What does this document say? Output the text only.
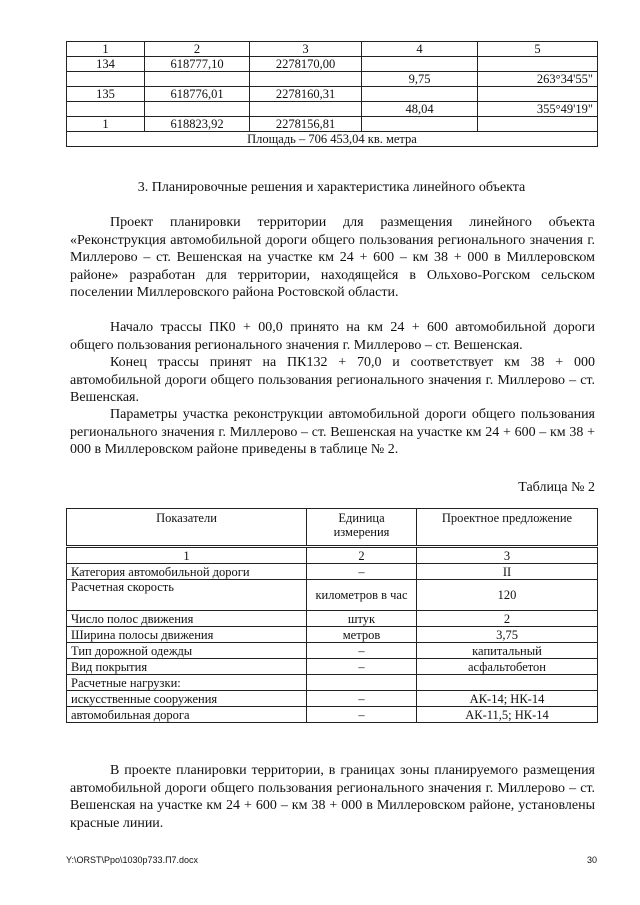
1	2	3	4	5
134	618777,10	2278170,00		
			9,75	263°34'55"
135	618776,01	2278160,31		
			48,04	355°49'19"
1	618823,92	2278156,81		
Площадь – 706 453,04 кв. метра				
3. Планировочные решения и характеристика линейного объекта

Проект планировки территории для размещения линейного объекта «Реконструкция автомобильной дороги общего пользования регионального значения г. Миллерово – ст. Вешенская на участке км 24 + 600 – км 38 + 000 в Миллеровском районе» разработан для территории, находящейся в Ольховo-Рогском сельском поселении Миллеровского района Ростовской области.

Начало трассы ПК0 + 00,0 принято на км 24 + 600 автомобильной дороги общего пользования регионального значения г. Миллерово – ст. Вешенская.

Конец трассы принят на ПК132 + 70,0 и соответствует км 38 + 000 автомобильной дороги общего пользования регионального значения г. Миллерово – ст. Вешенская.

Параметры участка реконструкции автомобильной дороги общего пользования регионального значения г. Миллерово – ст. Вешенская на участке км 24 + 600 – км 38 + 000 в Миллеровском районе приведены в таблице № 2.

Таблица № 2

Показатели	Единица измерения	Проектное предложение
1	2	3
Категория автомобильной дороги	–	II
Расчетная скорость	километров в час	120
Число полос движения	штук	2
Ширина полосы движения	метров	3,75
Тип дорожной одежды	–	капитальный
Вид покрытия	–	асфальтобетон
Расчетные нагрузки:		
искусственные сооружения	–	АК-14; НК-14
автомобильная дорога	–	АК-11,5; НК-14

В проекте планировки территории, в границах зоны планируемого размещения автомобильной дороги общего пользования регионального значения г. Миллерово – ст. Вешенская на участке км 24 + 600 – км 38 + 000 в Миллеровском районе, установлены красные линии.

Y:\ORST\Ppo\1030p733.П7.docx	30
